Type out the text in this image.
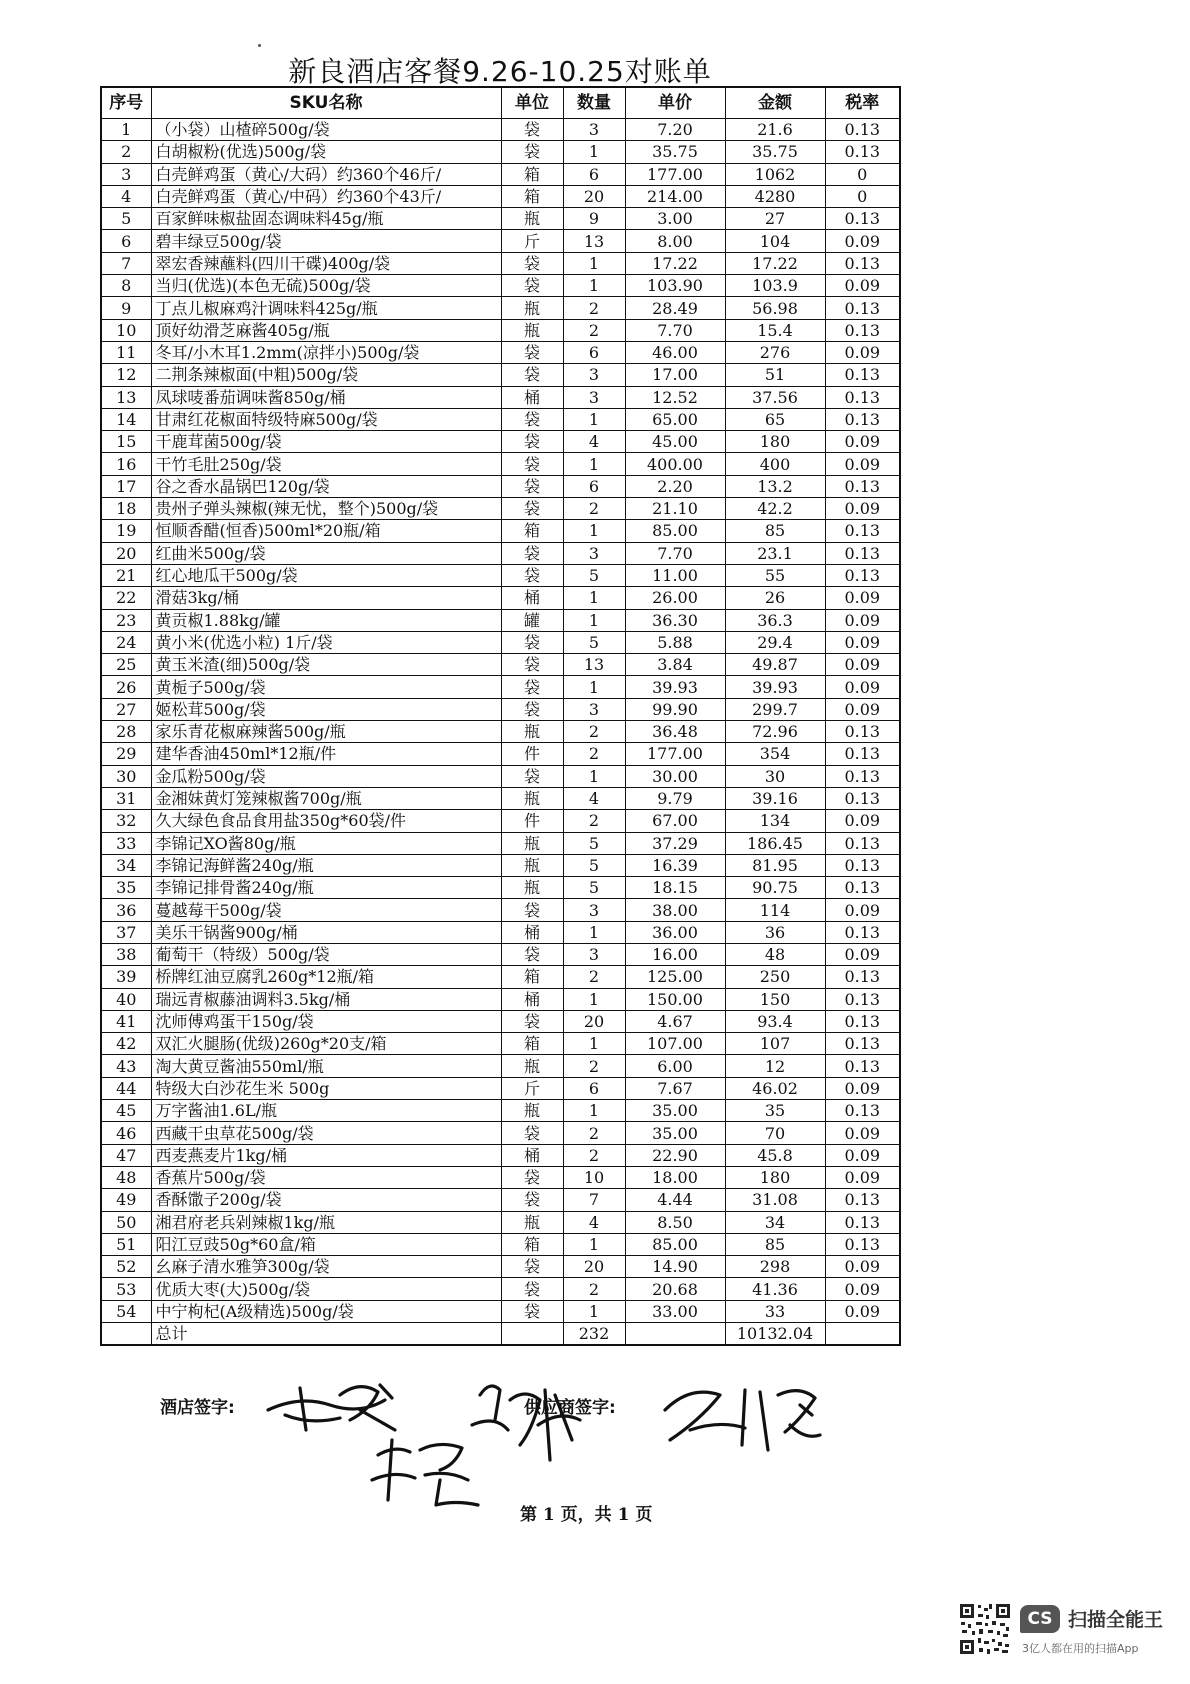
新良酒店客餐9.26-10.25对账单
序号	SKU名称	单位	数量	单价	金额	税率
1	（小袋）山楂碎500g/袋	袋	3	7.20	21.6	0.13
2	白胡椒粉(优选)500g/袋	袋	1	35.75	35.75	0.13
3	白壳鲜鸡蛋（黄心/大码）约360个46斤/	箱	6	177.00	1062	0
4	白壳鲜鸡蛋（黄心/中码）约360个43斤/	箱	20	214.00	4280	0
5	百家鲜味椒盐固态调味料45g/瓶	瓶	9	3.00	27	0.13
6	碧丰绿豆500g/袋	斤	13	8.00	104	0.09
7	翠宏香辣蘸料(四川干碟)400g/袋	袋	1	17.22	17.22	0.13
8	当归(优选)(本色无硫)500g/袋	袋	1	103.90	103.9	0.09
9	丁点儿椒麻鸡汁调味料425g/瓶	瓶	2	28.49	56.98	0.13
10	顶好幼滑芝麻酱405g/瓶	瓶	2	7.70	15.4	0.13
11	冬耳/小木耳1.2mm(凉拌小)500g/袋	袋	6	46.00	276	0.09
12	二荆条辣椒面(中粗)500g/袋	袋	3	17.00	51	0.13
13	凤球唛番茄调味酱850g/桶	桶	3	12.52	37.56	0.13
14	甘肃红花椒面特级特麻500g/袋	袋	1	65.00	65	0.13
15	干鹿茸菌500g/袋	袋	4	45.00	180	0.09
16	干竹毛肚250g/袋	袋	1	400.00	400	0.09
17	谷之香水晶锅巴120g/袋	袋	6	2.20	13.2	0.13
18	贵州子弹头辣椒(辣无忧，整个)500g/袋	袋	2	21.10	42.2	0.09
19	恒顺香醋(恒香)500ml*20瓶/箱	箱	1	85.00	85	0.13
20	红曲米500g/袋	袋	3	7.70	23.1	0.13
21	红心地瓜干500g/袋	袋	5	11.00	55	0.13
22	滑菇3kg/桶	桶	1	26.00	26	0.09
23	黄贡椒1.88kg/罐	罐	1	36.30	36.3	0.09
24	黄小米(优选小粒) 1斤/袋	袋	5	5.88	29.4	0.09
25	黄玉米渣(细)500g/袋	袋	13	3.84	49.87	0.09
26	黄栀子500g/袋	袋	1	39.93	39.93	0.09
27	姬松茸500g/袋	袋	3	99.90	299.7	0.09
28	家乐青花椒麻辣酱500g/瓶	瓶	2	36.48	72.96	0.13
29	建华香油450ml*12瓶/件	件	2	177.00	354	0.13
30	金瓜粉500g/袋	袋	1	30.00	30	0.13
31	金湘妹黄灯笼辣椒酱700g/瓶	瓶	4	9.79	39.16	0.13
32	久大绿色食品食用盐350g*60袋/件	件	2	67.00	134	0.09
33	李锦记XO酱80g/瓶	瓶	5	37.29	186.45	0.13
34	李锦记海鲜酱240g/瓶	瓶	5	16.39	81.95	0.13
35	李锦记排骨酱240g/瓶	瓶	5	18.15	90.75	0.13
36	蔓越莓干500g/袋	袋	3	38.00	114	0.09
37	美乐干锅酱900g/桶	桶	1	36.00	36	0.13
38	葡萄干（特级）500g/袋	袋	3	16.00	48	0.09
39	桥牌红油豆腐乳260g*12瓶/箱	箱	2	125.00	250	0.13
40	瑞远青椒藤油调料3.5kg/桶	桶	1	150.00	150	0.13
41	沈师傅鸡蛋干150g/袋	袋	20	4.67	93.4	0.13
42	双汇火腿肠(优级)260g*20支/箱	箱	1	107.00	107	0.13
43	淘大黄豆酱油550ml/瓶	瓶	2	6.00	12	0.13
44	特级大白沙花生米 500g	斤	6	7.67	46.02	0.09
45	万字酱油1.6L/瓶	瓶	1	35.00	35	0.13
46	西藏干虫草花500g/袋	袋	2	35.00	70	0.09
47	西麦燕麦片1kg/桶	桶	2	22.90	45.8	0.09
48	香蕉片500g/袋	袋	10	18.00	180	0.09
49	香酥馓子200g/袋	袋	7	4.44	31.08	0.13
50	湘君府老兵剁辣椒1kg/瓶	瓶	4	8.50	34	0.13
51	阳江豆豉50g*60盒/箱	箱	1	85.00	85	0.13
52	幺麻子清水雅笋300g/袋	袋	20	14.90	298	0.09
53	优质大枣(大)500g/袋	袋	2	20.68	41.36	0.09
54	中宁枸杞(A级精选)500g/袋	袋	1	33.00	33	0.09
	总计		232		10132.04	
酒店签字:	供应商签字:
第 1 页，共 1 页
CS 扫描全能王
3亿人都在用的扫描App
